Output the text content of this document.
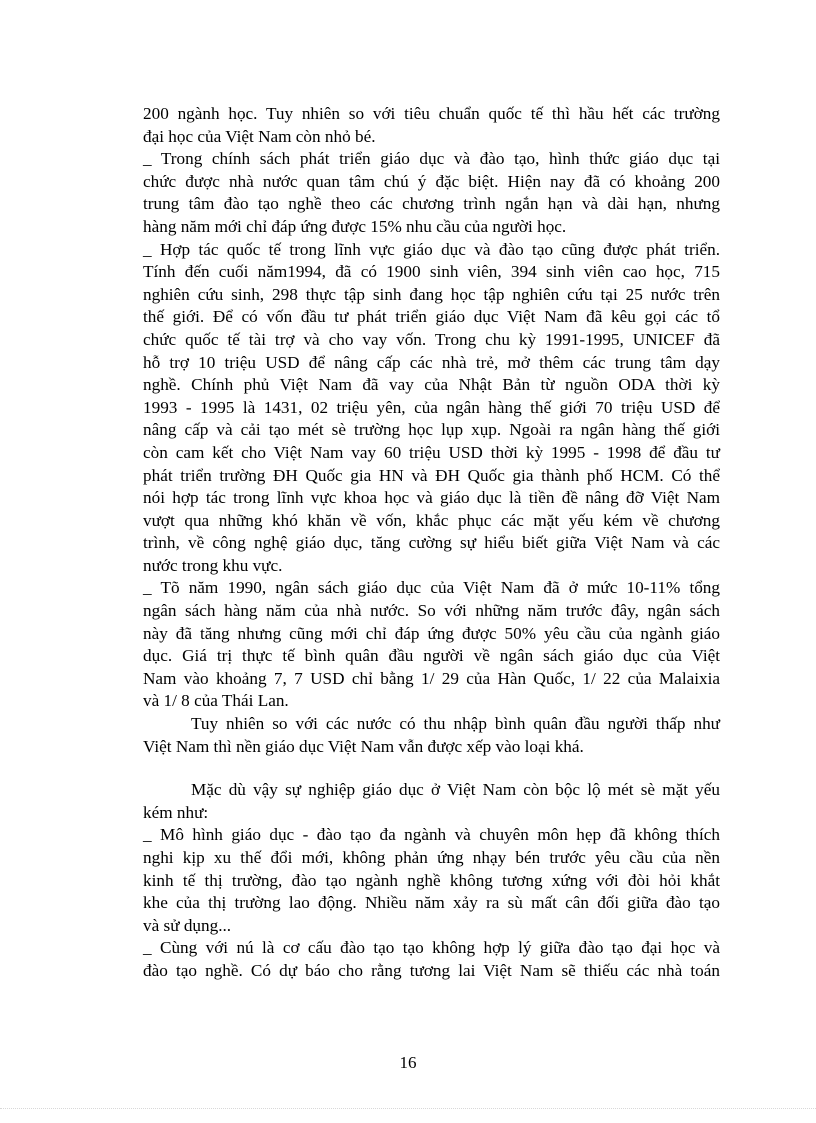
200 ngành học. Tuy nhiên so với tiêu chuẩn quốc tế thì hầu hết các trường
đại học của Việt Nam còn nhỏ bé.
_ Trong chính sách phát triển giáo dục và đào tạo, hình thức giáo dục tại
chức được nhà nước quan tâm chú ý đặc biệt. Hiện nay đã có khoảng 200
trung tâm đào tạo nghề theo các chương trình ngắn hạn và dài hạn, nhưng
hàng năm mới chỉ đáp ứng được 15% nhu cầu của người học.
_ Hợp tác quốc tế trong lĩnh vực giáo dục và đào tạo cũng được phát triển.
Tính đến cuối năm1994, đã có 1900 sinh viên, 394 sinh viên cao học, 715
nghiên cứu sinh, 298 thực tập sinh đang học tập nghiên cứu tại 25 nước trên
thế giới. Để có vốn đầu tư phát triển giáo dục Việt Nam đã kêu gọi các tổ
chức quốc tế tài trợ và cho vay vốn. Trong chu kỳ 1991-1995, UNICEF đã
hỗ trợ 10 triệu USD để nâng cấp các nhà trẻ, mở thêm các trung tâm dạy
nghề. Chính phủ Việt Nam đã vay của Nhật Bản từ nguồn ODA thời kỳ
1993 - 1995 là 1431, 02 triệu yên, của ngân hàng thế giới 70 triệu USD để
nâng cấp và cải tạo mét sè trường học lụp xụp. Ngoài ra ngân hàng thế giới
còn cam kết cho Việt Nam vay 60 triệu USD thời kỳ 1995 - 1998 để đầu tư
phát triển trường ĐH Quốc gia HN và ĐH Quốc gia thành phố HCM. Có thể
nói hợp tác trong lĩnh vực khoa học và giáo dục là tiền đề nâng đỡ Việt Nam
vượt qua những khó khăn về vốn, khắc phục các mặt yếu kém về chương
trình, về công nghệ giáo dục, tăng cường sự hiểu biết giữa Việt Nam và các
nước trong khu vực.
_ Tõ năm 1990, ngân sách giáo dục của Việt Nam đã ở mức 10-11% tổng
ngân sách hàng năm của nhà nước. So với những năm trước đây, ngân sách
này đã tăng nhưng cũng mới chỉ đáp ứng được 50% yêu cầu của ngành giáo
dục. Giá trị thực tế bình quân đầu người về ngân sách giáo dục của Việt
Nam vào khoảng 7, 7 USD chỉ bằng 1/ 29 của Hàn Quốc, 1/ 22 của Malaixia
và 1/ 8 của Thái Lan.
Tuy nhiên so với các nước có thu nhập bình quân đầu người thấp như
Việt Nam thì nền giáo dục Việt Nam vẫn được xếp vào loại khá.
Mặc dù vậy sự nghiệp giáo dục ở Việt Nam còn bộc lộ mét sè mặt yếu
kém như:
_ Mô hình giáo dục - đào tạo đa ngành và chuyên môn hẹp đã không thích
nghi kịp xu thế đổi mới, không phản ứng nhạy bén trước yêu cầu của nền
kinh tế thị trường, đào tạo ngành nghề không tương xứng với đòi hỏi khắt
khe của thị trường lao động. Nhiều năm xảy ra sù mất cân đối giữa đào tạo
và sử dụng...
_ Cùng với nú là cơ cấu đào tạo tạo không hợp lý giữa đào tạo đại học và
đào tạo nghề. Có dự báo cho rằng tương lai Việt Nam sẽ thiếu các nhà toán
16
